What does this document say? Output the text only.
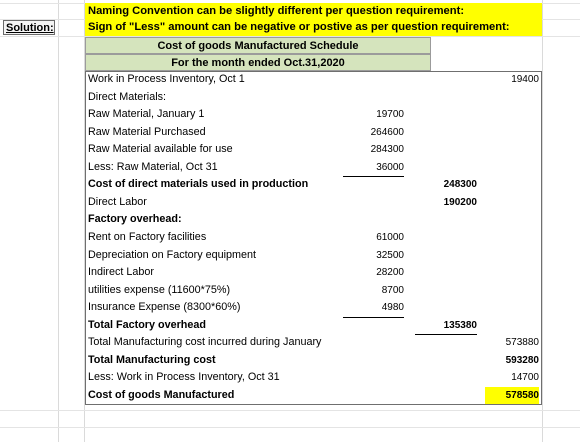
Solution:
Naming Convention can be slightly different per question requirement:
Sign of "Less" amount can be negative or postive as per question requirement:
Cost of goods Manufactured Schedule
For the month ended Oct.31,2020
Work in Process Inventory, Oct 1	19400
Direct Materials:
Raw Material, January 1	19700
Raw Material Purchased	264600
Raw Material available for use	284300
Less: Raw Material, Oct 31	36000
Cost of direct materials used in production	248300
Direct Labor	190200
Factory overhead:
Rent on Factory facilities	61000
Depreciation on Factory equipment	32500
Indirect Labor	28200
utilities expense (11600*75%)	8700
Insurance Expense (8300*60%)	4980
Total Factory overhead	135380
Total Manufacturing cost incurred during January	573880
Total Manufacturing cost	593280
Less: Work in Process Inventory, Oct 31	14700
Cost of goods Manufactured	578580
